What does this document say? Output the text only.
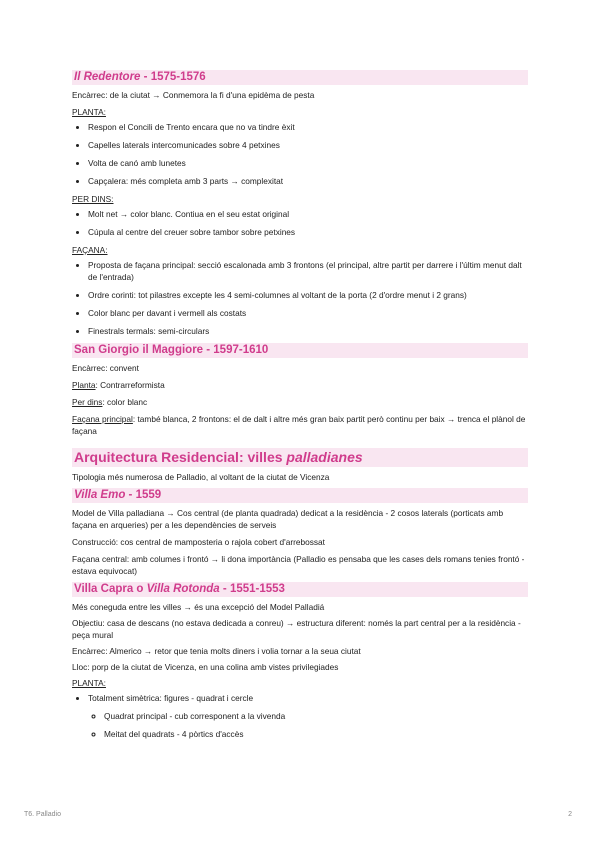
Il Redentore - 1575-1576
Encàrrec: de la ciutat → Conmemora la fi d'una epidèma de pesta
PLANTA:
• Respon el Concili de Trento encara que no va tindre èxit
• Capelles laterals intercomunicades sobre 4 petxines
• Volta de canó amb lunetes
• Capçalera: més completa amb 3 parts → complexitat
PER DINS:
• Molt net → color blanc. Contiua en el seu estat original
• Cúpula al centre del creuer sobre tambor sobre petxines
FAÇANA:
• Proposta de façana principal: secció escalonada amb 3 frontons (el principal, altre partit per darrere i l'últim menut dalt de l'entrada)
• Ordre corinti: tot pilastres excepte les 4 semi-columnes al voltant de la porta (2 d'ordre menut i 2 grans)
• Color blanc per davant i vermell als costats
• Finestrals termals: semi-circulars
San Giorgio il Maggiore - 1597-1610
Encàrrec: convent
Planta: Contrarreformista
Per dins: color blanc
Façana principal: també blanca, 2 frontons: el de dalt i altre més gran baix partit però continu per baix → trenca el plànol de façana
Arquitectura Residencial: villes palladianes
Tipologia més numerosa de Palladio, al voltant de la ciutat de Vicenza
Villa Emo - 1559
Model de Villa palladiana → Cos central (de planta quadrada) dedicat a la residència - 2 cosos laterals (porticats amb façana en arqueries) per a les dependències de serveis
Construcció: cos central de mamposteria o rajola cobert d'arrebossat
Façana central: amb columes i frontó → li dona importància (Palladio es pensaba que les cases dels romans tenies frontó - estava equivocat)
Villa Capra o Villa Rotonda - 1551-1553
Més coneguda entre les villes → és una excepció del Model Palladiá
Objectiu: casa de descans (no estava dedicada a conreu) → estructura diferent: només la part central per a la residència - peça mural
Encàrrec: Almerico → retor que tenia molts diners i volia tornar a la seua ciutat
Lloc: porp de la ciutat de Vicenza, en una colina amb vistes privilegiades
PLANTA:
• Totalment simètrica: figures - quadrat i cercle
◦ Quadrat principal - cub corresponent a la vivenda
◦ Meitat del quadrats - 4 pòrtics d'accès
T6. Palladio	2
